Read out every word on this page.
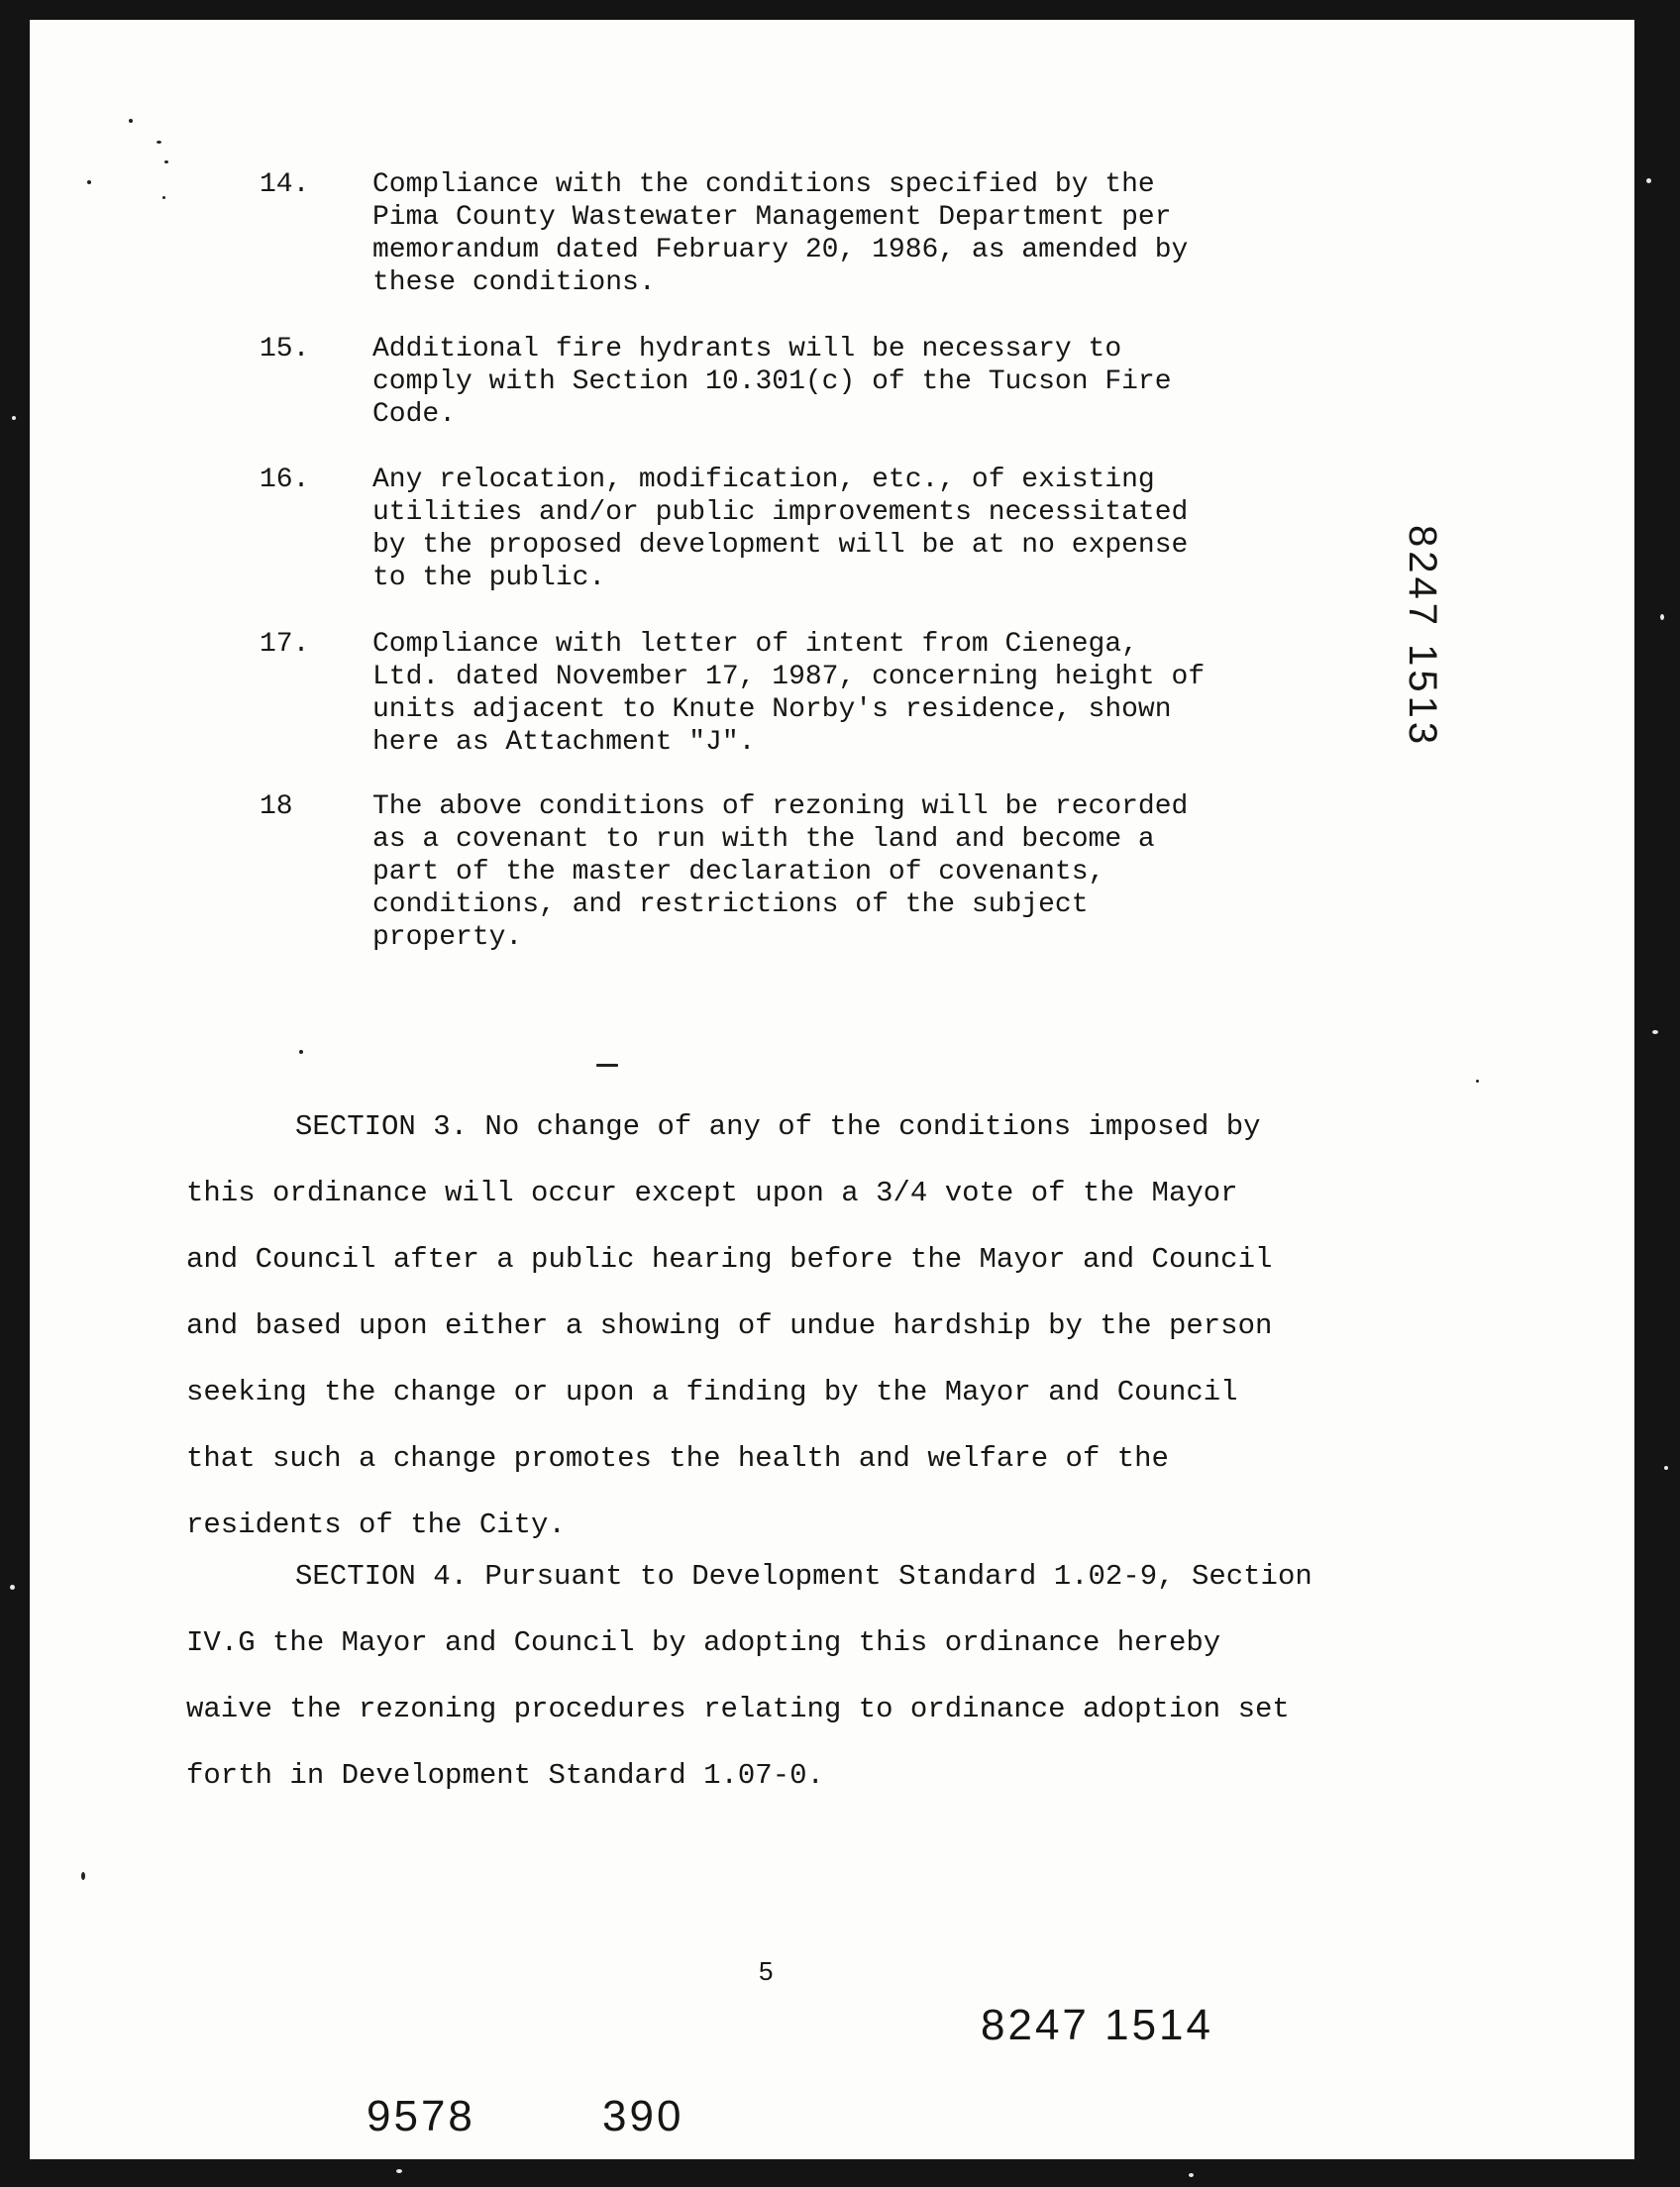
14. Compliance with the conditions specified by the
Pima County Wastewater Management Department per
memorandum dated February 20, 1986, as amended by
these conditions.
15. Additional fire hydrants will be necessary to
comply with Section 10.301(c) of the Tucson Fire
Code.
16. Any relocation, modification, etc., of existing
utilities and/or public improvements necessitated
by the proposed development will be at no expense
to the public.
17. Compliance with letter of intent from Cienega,
Ltd. dated November 17, 1987, concerning height of
units adjacent to Knute Norby's residence, shown
here as Attachment "J".
18	The above conditions of rezoning will be recorded
as a covenant to run with the land and become a
part of the master declaration of covenants,
conditions, and restrictions of the subject
property.
SECTION 3. No change of any of the conditions imposed by
this ordinance will occur except upon a 3/4 vote of the Mayor
and Council after a public hearing before the Mayor and Council
and based upon either a showing of undue hardship by the person
seeking the change or upon a finding by the Mayor and Council
that such a change promotes the health and welfare of the
residents of the City.
SECTION 4. Pursuant to Development Standard 1.02-9, Section
IV.G the Mayor and Council by adopting this ordinance hereby
waive the rezoning procedures relating to ordinance adoption set
forth in Development Standard 1.07-0.
8247 1513
5
8247 1514
9578	390
